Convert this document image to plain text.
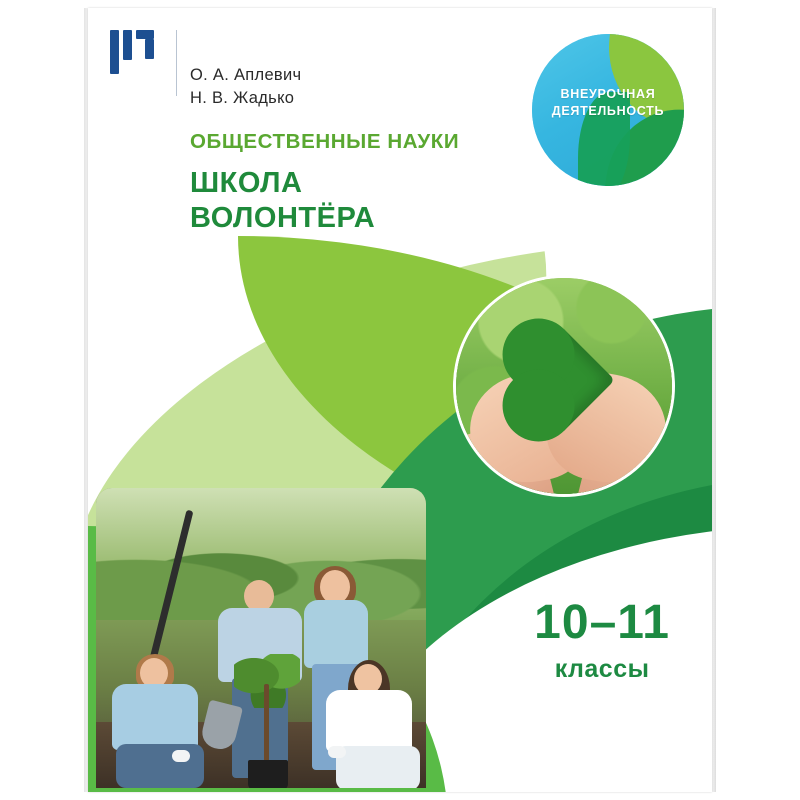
О. А. Аплевич
Н. В. Жадько
ОБЩЕСТВЕННЫЕ НАУКИ
ШКОЛА
ВОЛОНТЁРА
ВНЕУРОЧНАЯ
ДЕЯТЕЛЬНОСТЬ
10–11
классы
